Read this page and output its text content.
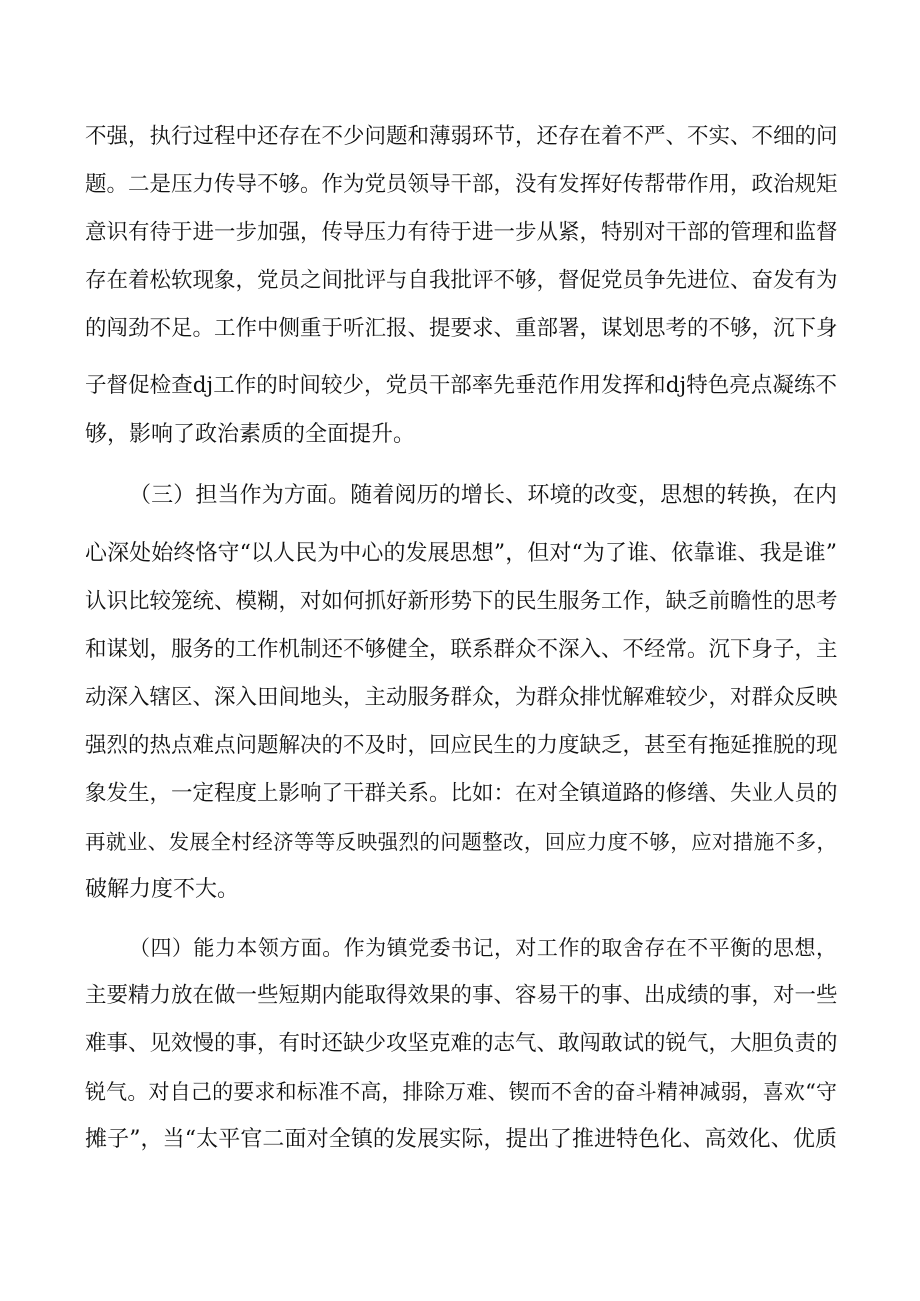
不强，执行过程中还存在不少问题和薄弱环节，还存在着不严、不实、不细的问
题。二是压力传导不够。作为党员领导干部，没有发挥好传帮带作用，政治规矩
意识有待于进一步加强，传导压力有待于进一步从紧，特别对干部的管理和监督
存在着松软现象，党员之间批评与自我批评不够，督促党员争先进位、奋发有为
的闯劲不足。工作中侧重于听汇报、提要求、重部署，谋划思考的不够，沉下身
子督促检查dj工作的时间较少，党员干部率先垂范作用发挥和dj特色亮点凝练不
够，影响了政治素质的全面提升。
（三）担当作为方面。随着阅历的增长、环境的改变，思想的转换，在内
心深处始终恪守“以人民为中心的发展思想”，但对“为了谁、依靠谁、我是谁”
认识比较笼统、模糊，对如何抓好新形势下的民生服务工作，缺乏前瞻性的思考
和谋划，服务的工作机制还不够健全，联系群众不深入、不经常。沉下身子，主
动深入辖区、深入田间地头，主动服务群众，为群众排忧解难较少，对群众反映
强烈的热点难点问题解决的不及时，回应民生的力度缺乏，甚至有拖延推脱的现
象发生，一定程度上影响了干群关系。比如：在对全镇道路的修缮、失业人员的
再就业、发展全村经济等等反映强烈的问题整改，回应力度不够，应对措施不多，
破解力度不大。
（四）能力本领方面。作为镇党委书记，对工作的取舍存在不平衡的思想，
主要精力放在做一些短期内能取得效果的事、容易干的事、出成绩的事，对一些
难事、见效慢的事，有时还缺少攻坚克难的志气、敢闯敢试的锐气，大胆负责的
锐气。对自己的要求和标准不高，排除万难、锲而不舍的奋斗精神减弱，喜欢“守
摊子”，当“太平官二面对全镇的发展实际，提出了推进特色化、高效化、优质
